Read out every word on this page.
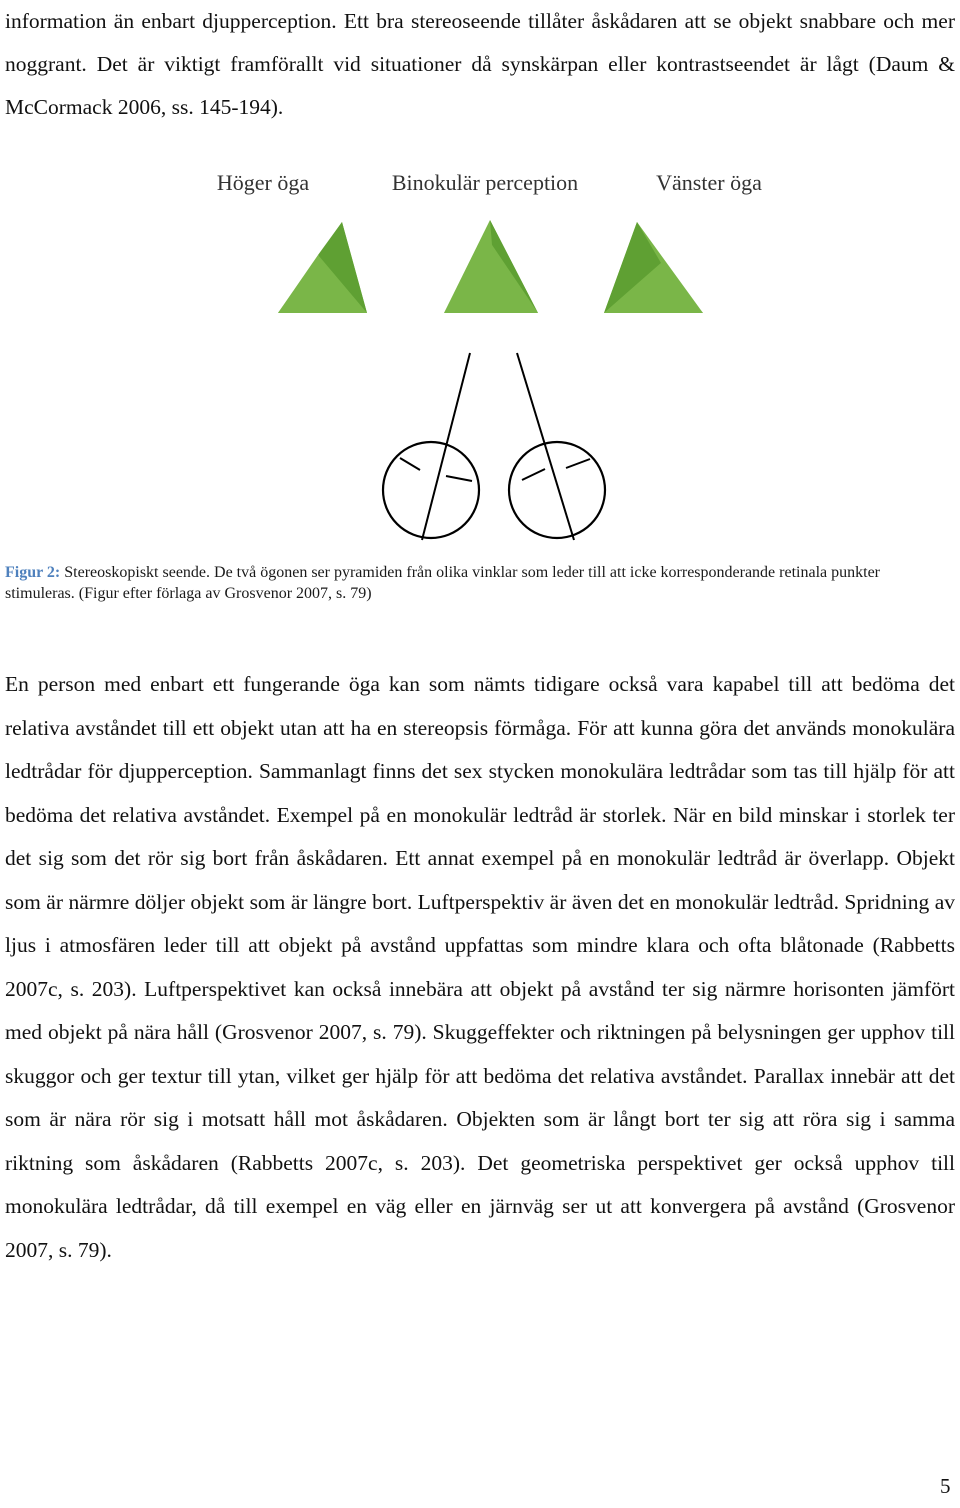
information än enbart djupperception. Ett bra stereoseende tillåter åskådaren att se objekt snabbare och mer noggrant. Det är viktigt framförallt vid situationer då synskärpan eller kontrastseendet är lågt (Daum & McCormack 2006, ss. 145-194).

Höger öga	Binokulär perception	Vänster öga

Figur 2: Stereoskopiskt seende. De två ögonen ser pyramiden från olika vinklar som leder till att icke korresponderande retinala punkter stimuleras. (Figur efter förlaga av Grosvenor 2007, s. 79)

En person med enbart ett fungerande öga kan som nämts tidigare också vara kapabel till att bedöma det relativa avståndet till ett objekt utan att ha en stereopsis förmåga. För att kunna göra det används monokulära ledtrådar för djupperception. Sammanlagt finns det sex stycken monokulära ledtrådar som tas till hjälp för att bedöma det relativa avståndet. Exempel på en monokulär ledtråd är storlek. När en bild minskar i storlek ter det sig som det rör sig bort från åskådaren. Ett annat exempel på en monokulär ledtråd är överlapp. Objekt som är närmre döljer objekt som är längre bort. Luftperspektiv är även det en monokulär ledtråd. Spridning av ljus i atmosfären leder till att objekt på avstånd uppfattas som mindre klara och ofta blåtonade (Rabbetts 2007c, s. 203). Luftperspektivet kan också innebära att objekt på avstånd ter sig närmre horisonten jämfört med objekt på nära håll (Grosvenor 2007, s. 79). Skuggeffekter och riktningen på belysningen ger upphov till skuggor och ger textur till ytan, vilket ger hjälp för att bedöma det relativa avståndet. Parallax innebär att det som är nära rör sig i motsatt håll mot åskådaren. Objekten som är långt bort ter sig att röra sig i samma riktning som åskådaren (Rabbetts 2007c, s. 203). Det geometriska perspektivet ger också upphov till monokulära ledtrådar, då till exempel en väg eller en järnväg ser ut att konvergera på avstånd (Grosvenor 2007, s. 79).

5
